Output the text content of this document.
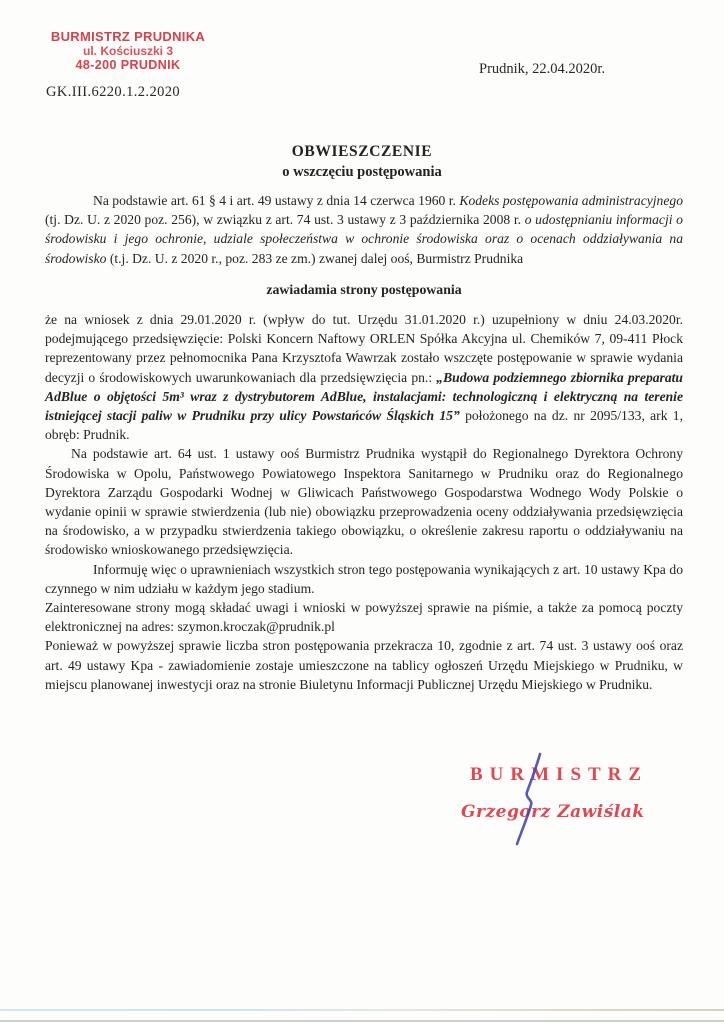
BURMISTRZ PRUDNIKA
ul. Kościuszki 3
48-200 PRUDNIK
GK.III.6220.1.2.2020
Prudnik, 22.04.2020r.
OBWIESZCZENIE
o wszczęciu postępowania

Na podstawie art. 61 § 4 i art. 49 ustawy z dnia 14 czerwca 1960 r. Kodeks postępowania administracyjnego (tj. Dz. U. z 2020 poz. 256), w związku z art. 74 ust. 3 ustawy z 3 października 2008 r. o udostępnianiu informacji o środowisku i jego ochronie, udziale społeczeństwa w ochronie środowiska oraz o ocenach oddziaływania na środowisko (t.j. Dz. U. z 2020 r., poz. 283 ze zm.) zwanej dalej ooś, Burmistrz Prudnika

zawiadamia strony postępowania

że na wniosek z dnia 29.01.2020 r. (wpływ do tut. Urzędu 31.01.2020 r.) uzupełniony w dniu 24.03.2020r. podejmującego przedsięwzięcie: Polski Koncern Naftowy ORLEN Spółka Akcyjna ul. Chemików 7, 09-411 Płock reprezentowany przez pełnomocnika Pana Krzysztofa Wawrzak zostało wszczęte postępowanie w sprawie wydania decyzji o środowiskowych uwarunkowaniach dla przedsięwzięcia pn.: „Budowa podziemnego zbiornika preparatu AdBlue o objętości 5m³ wraz z dystrybutorem AdBlue, instalacjami: technologiczną i elektryczną na terenie istniejącej stacji paliw w Prudniku przy ulicy Powstańców Śląskich 15” położonego na dz. nr 2095/133, ark 1, obręb: Prudnik.

Na podstawie art. 64 ust. 1 ustawy ooś Burmistrz Prudnika wystąpił do Regionalnego Dyrektora Ochrony Środowiska w Opolu, Państwowego Powiatowego Inspektora Sanitarnego w Prudniku oraz do Regionalnego Dyrektora Zarządu Gospodarki Wodnej w Gliwicach Państwowego Gospodarstwa Wodnego Wody Polskie o wydanie opinii w sprawie stwierdzenia (lub nie) obowiązku przeprowadzenia oceny oddziaływania przedsięwzięcia na środowisko, a w przypadku stwierdzenia takiego obowiązku, o określenie zakresu raportu o oddziaływaniu na środowisko wnioskowanego przedsięwzięcia.

Informuję więc o uprawnieniach wszystkich stron tego postępowania wynikających z art. 10 ustawy Kpa do czynnego w nim udziału w każdym jego stadium.

Zainteresowane strony mogą składać uwagi i wnioski w powyższej sprawie na piśmie, a także za pomocą poczty elektronicznej na adres: szymon.kroczak@prudnik.pl

Ponieważ w powyższej sprawie liczba stron postępowania przekracza 10, zgodnie z art. 74 ust. 3 ustawy ooś oraz art. 49 ustawy Kpa - zawiadomienie zostaje umieszczone na tablicy ogłoszeń Urzędu Miejskiego w Prudniku, w miejscu planowanej inwestycji oraz na stronie Biuletynu Informacji Publicznej Urzędu Miejskiego w Prudniku.

BURMISTRZ
Grzegorz Zawiślak
